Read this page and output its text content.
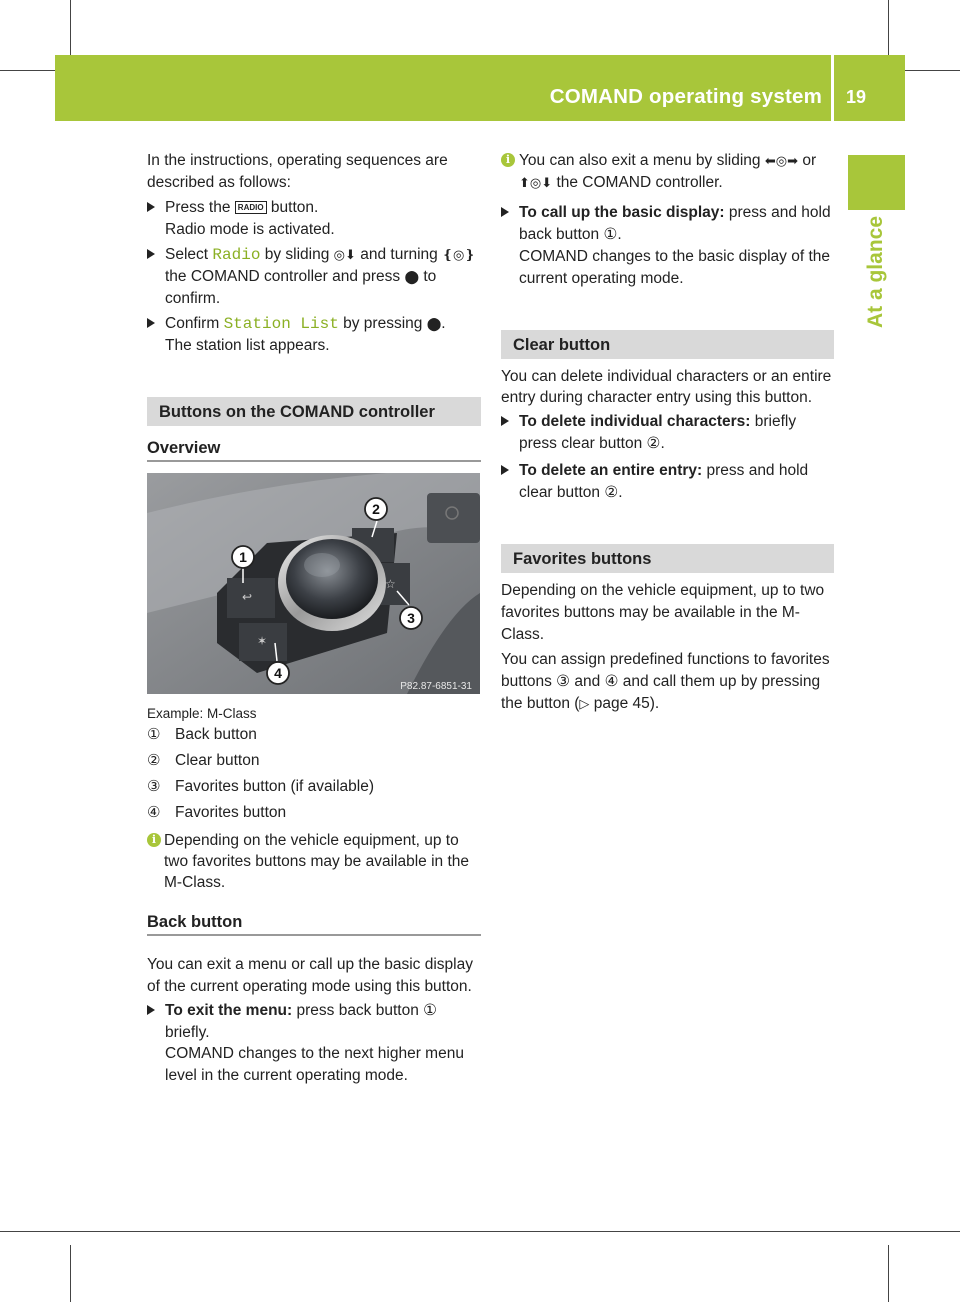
COMAND operating system 19
At a glance

In the instructions, operating sequences are described as follows:

Press the RADIO button.
Radio mode is activated.
Select Radio by sliding ◎⬇ and turning ❴◎❵ the COMAND controller and press ⬤ to confirm.
Confirm Station List by pressing ⬤.
The station list appears.
Buttons on the COMAND controller
Overview
↩
☆
✶
1
2
3
4
P82.87-6851-31
Example: M-Class
① Back button
② Clear button
③ Favorites button (if available)
④ Favorites button
i Depending on the vehicle equipment, up to two favorites buttons may be available in the M-Class.
Back button

You can exit a menu or call up the basic display of the current operating mode using this button.

To exit the menu: press back button ① briefly.
COMAND changes to the next higher menu level in the current operating mode.
i You can also exit a menu by sliding ⬅◎➡ or ⬆◎⬇ the COMAND controller.
To call up the basic display: press and hold back button ①.
COMAND changes to the basic display of the current operating mode.
Clear button

You can delete individual characters or an entire entry during character entry using this button.

To delete individual characters: briefly press clear button ②.
To delete an entire entry: press and hold clear button ②.
Favorites buttons

Depending on the vehicle equipment, up to two favorites buttons may be available in the M-Class.

You can assign predefined functions to favorites buttons ③ and ④ and call them up by pressing the button (▷ page 45).
